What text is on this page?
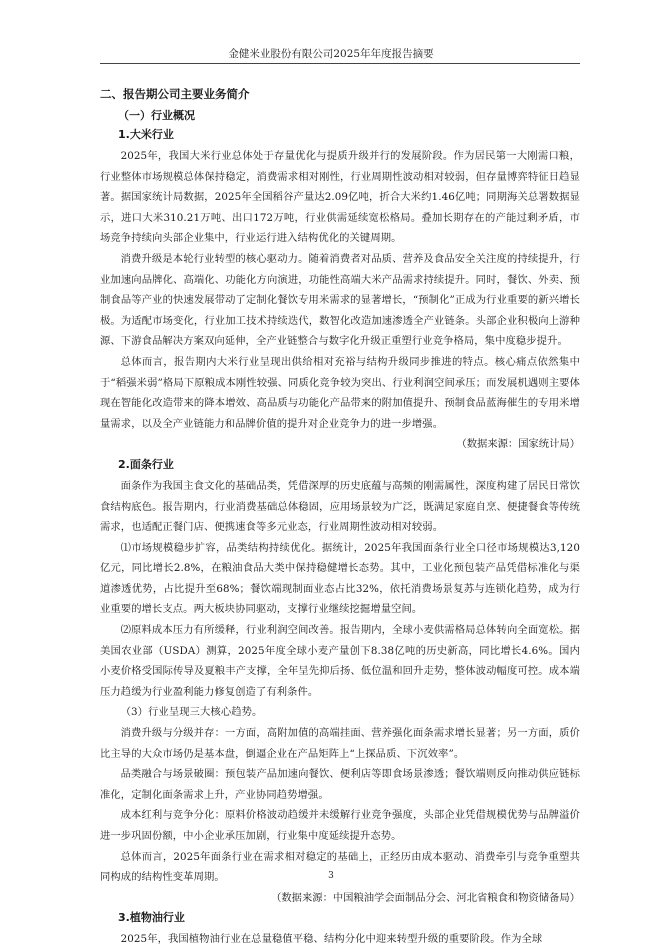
金健米业股份有限公司2025年年度报告摘要
二、报告期公司主要业务简介
（一）行业概况
1.大米行业

2025年，我国大米行业总体处于存量优化与提质升级并行的发展阶段。作为居民第一大刚需口粮，行业整体市场规模总体保持稳定，消费需求相对刚性，行业周期性波动相对较弱，但存量博弈特征日趋显著。据国家统计局数据，2025年全国稻谷产量达2.09亿吨，折合大米约1.46亿吨；同期海关总署数据显示，进口大米310.21万吨、出口172万吨，行业供需延续宽松格局。叠加长期存在的产能过剩矛盾，市场竞争持续向头部企业集中，行业运行进入结构优化的关键周期。

消费升级是本轮行业转型的核心驱动力。随着消费者对品质、营养及食品安全关注度的持续提升，行业加速向品牌化、高端化、功能化方向演进，功能性高端大米产品需求持续提升。同时，餐饮、外卖、预制食品等产业的快速发展带动了定制化餐饮专用米需求的显著增长，“预制化”正成为行业重要的新兴增长极。为适配市场变化，行业加工技术持续迭代，数智化改造加速渗透全产业链条。头部企业积极向上游种源、下游食品解决方案双向延伸，全产业链整合与数字化升级正重塑行业竞争格局，集中度稳步提升。

总体而言，报告期内大米行业呈现出供给相对充裕与结构升级同步推进的特点。核心痛点依然集中于“稻强米弱”格局下原粮成本刚性较强、同质化竞争较为突出、行业利润空间承压；而发展机遇则主要体现在智能化改造带来的降本增效、高品质与功能化产品带来的附加值提升、预制食品蓝海催生的专用米增量需求，以及全产业链能力和品牌价值的提升对企业竞争力的进一步增强。

（数据来源：国家统计局）

2.面条行业

面条作为我国主食文化的基础品类，凭借深厚的历史底蕴与高频的刚需属性，深度构建了居民日常饮食结构底色。报告期内，行业消费基础总体稳固，应用场景较为广泛，既满足家庭自烹、便捷餐食等传统需求，也适配正餐门店、便携速食等多元业态，行业周期性波动相对较弱。

⑴市场规模稳步扩容，品类结构持续优化。据统计，2025年我国面条行业全口径市场规模达3,120亿元，同比增长2.8%，在粮油食品大类中保持稳健增长态势。其中，工业化预包装产品凭借标准化与渠道渗透优势，占比提升至68%；餐饮端现制面业态占比32%，依托消费场景复苏与连锁化趋势，成为行业重要的增长支点。两大板块协同驱动，支撑行业继续挖掘增量空间。

⑵原料成本压力有所缓释，行业利润空间改善。报告期内，全球小麦供需格局总体转向全面宽松。据美国农业部（USDA）测算，2025年度全球小麦产量创下8.38亿吨的历史新高，同比增长4.6%。国内小麦价格受国际传导及夏粮丰产支撑，全年呈先抑后扬、低位温和回升走势，整体波动幅度可控。成本端压力趋缓为行业盈利能力修复创造了有利条件。

（3）行业呈现三大核心趋势。

消费升级与分级并存：一方面，高附加值的高端挂面、营养强化面条需求增长显著；另一方面，质价比主导的大众市场仍是基本盘，倒逼企业在产品矩阵上“上探品质、下沉效率”。

品类融合与场景破圈：预包装产品加速向餐饮、便利店等即食场景渗透；餐饮端则反向推动供应链标准化，定制化面条需求上升，产业协同趋势增强。

成本红利与竞争分化：原料价格波动趋缓并未缓解行业竞争强度，头部企业凭借规模优势与品牌溢价进一步巩固份额，中小企业承压加剧，行业集中度延续提升态势。

总体而言，2025年面条行业在需求相对稳定的基础上，正经历由成本驱动、消费牵引与竞争重塑共同构成的结构性变革周期。

（数据来源：中国粮油学会面制品分会、河北省粮食和物资储备局）

3.植物油行业

2025年，我国植物油行业在总量稳值平稳、结构分化中迎来转型升级的重要阶段。作为全球

3
